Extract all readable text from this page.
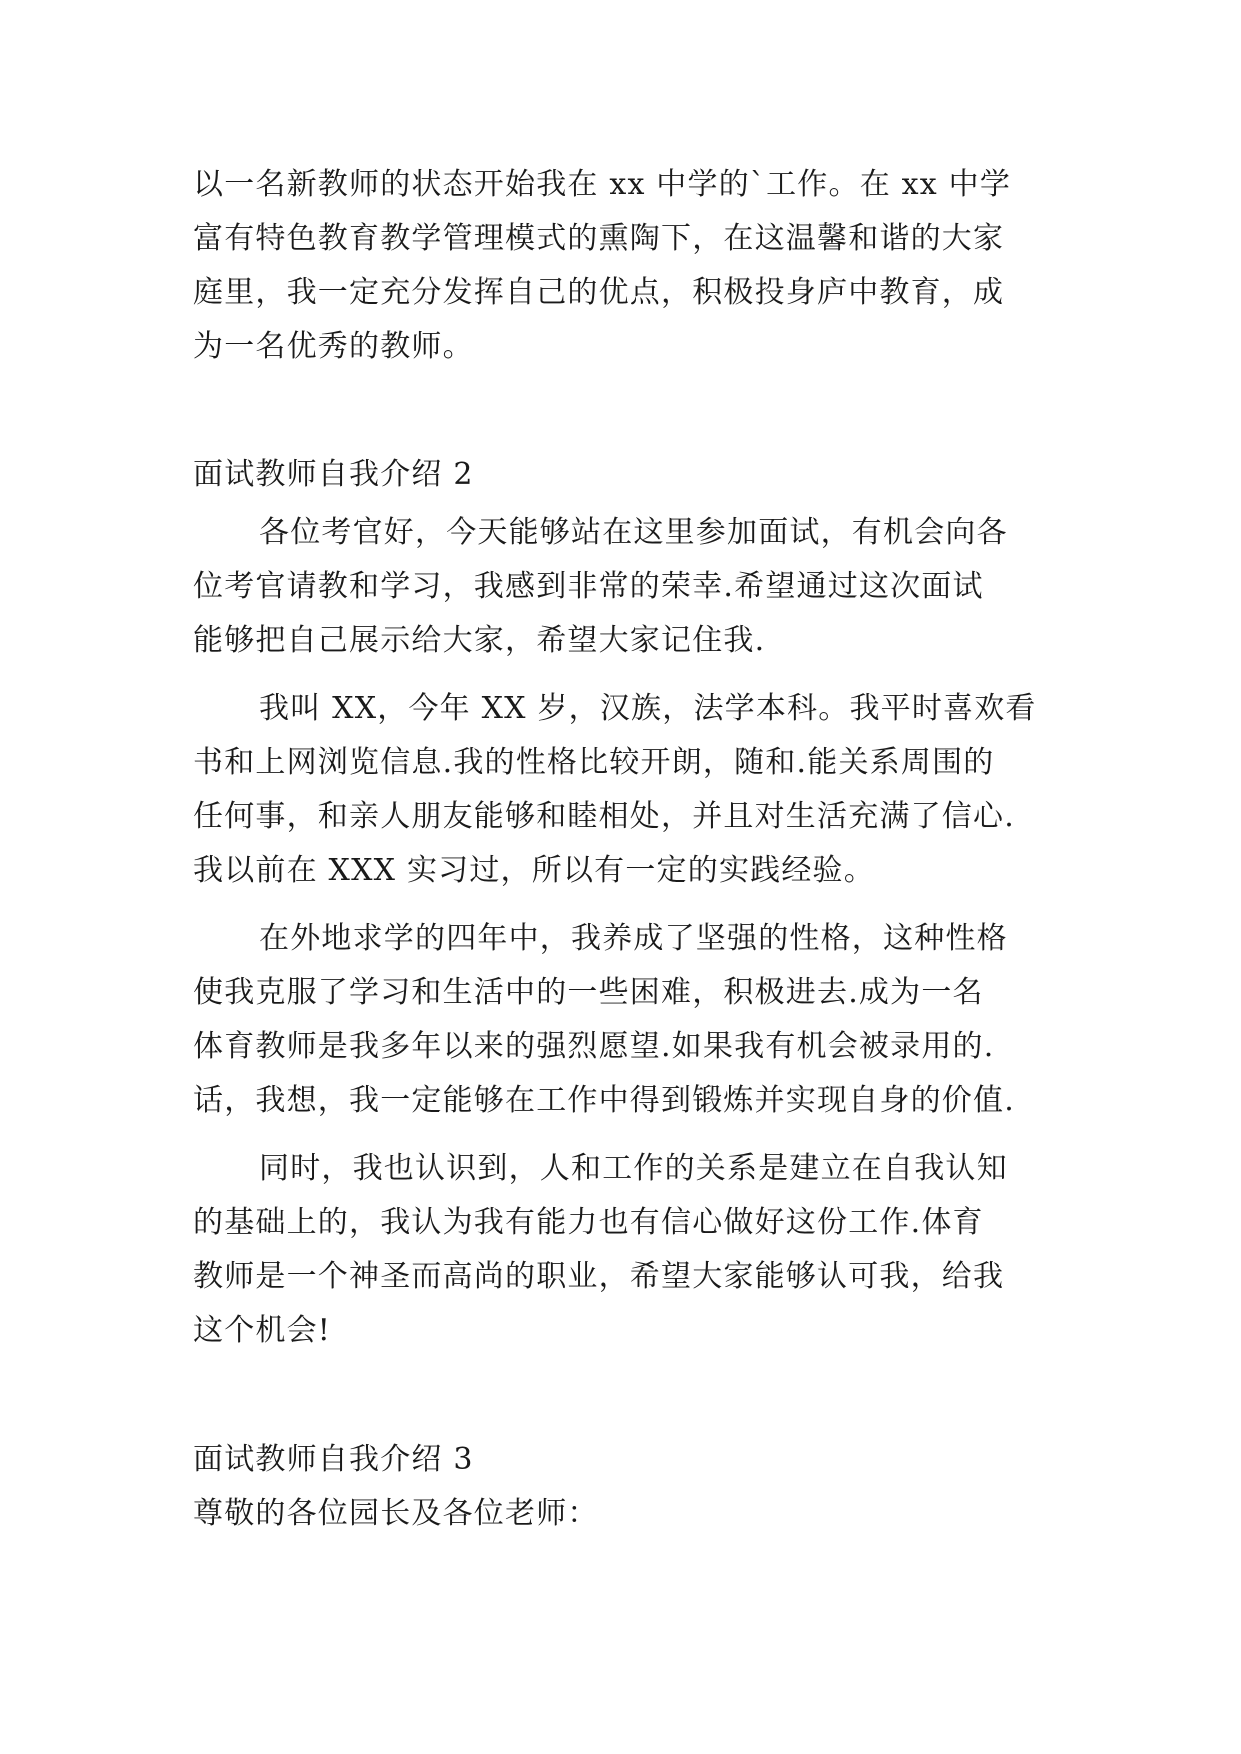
以一名新教师的状态开始我在 xx 中学的`工作。在 xx 中学
富有特色教育教学管理模式的熏陶下，在这温馨和谐的大家
庭里，我一定充分发挥自己的优点，积极投身庐中教育，成
为一名优秀的教师。
面试教师自我介绍 2
各位考官好，今天能够站在这里参加面试，有机会向各
位考官请教和学习，我感到非常的荣幸.希望通过这次面试
能够把自己展示给大家，希望大家记住我.
我叫 XX，今年 XX 岁，汉族，法学本科。我平时喜欢看
书和上网浏览信息.我的性格比较开朗，随和.能关系周围的
任何事，和亲人朋友能够和睦相处，并且对生活充满了信心.
我以前在 XXX 实习过，所以有一定的实践经验。
在外地求学的四年中，我养成了坚强的性格，这种性格
使我克服了学习和生活中的一些困难，积极进去.成为一名
体育教师是我多年以来的强烈愿望.如果我有机会被录用的.
话，我想，我一定能够在工作中得到锻炼并实现自身的价值.
同时，我也认识到，人和工作的关系是建立在自我认知
的基础上的，我认为我有能力也有信心做好这份工作.体育
教师是一个神圣而高尚的职业，希望大家能够认可我，给我
这个机会!
面试教师自我介绍 3
尊敬的各位园长及各位老师：
